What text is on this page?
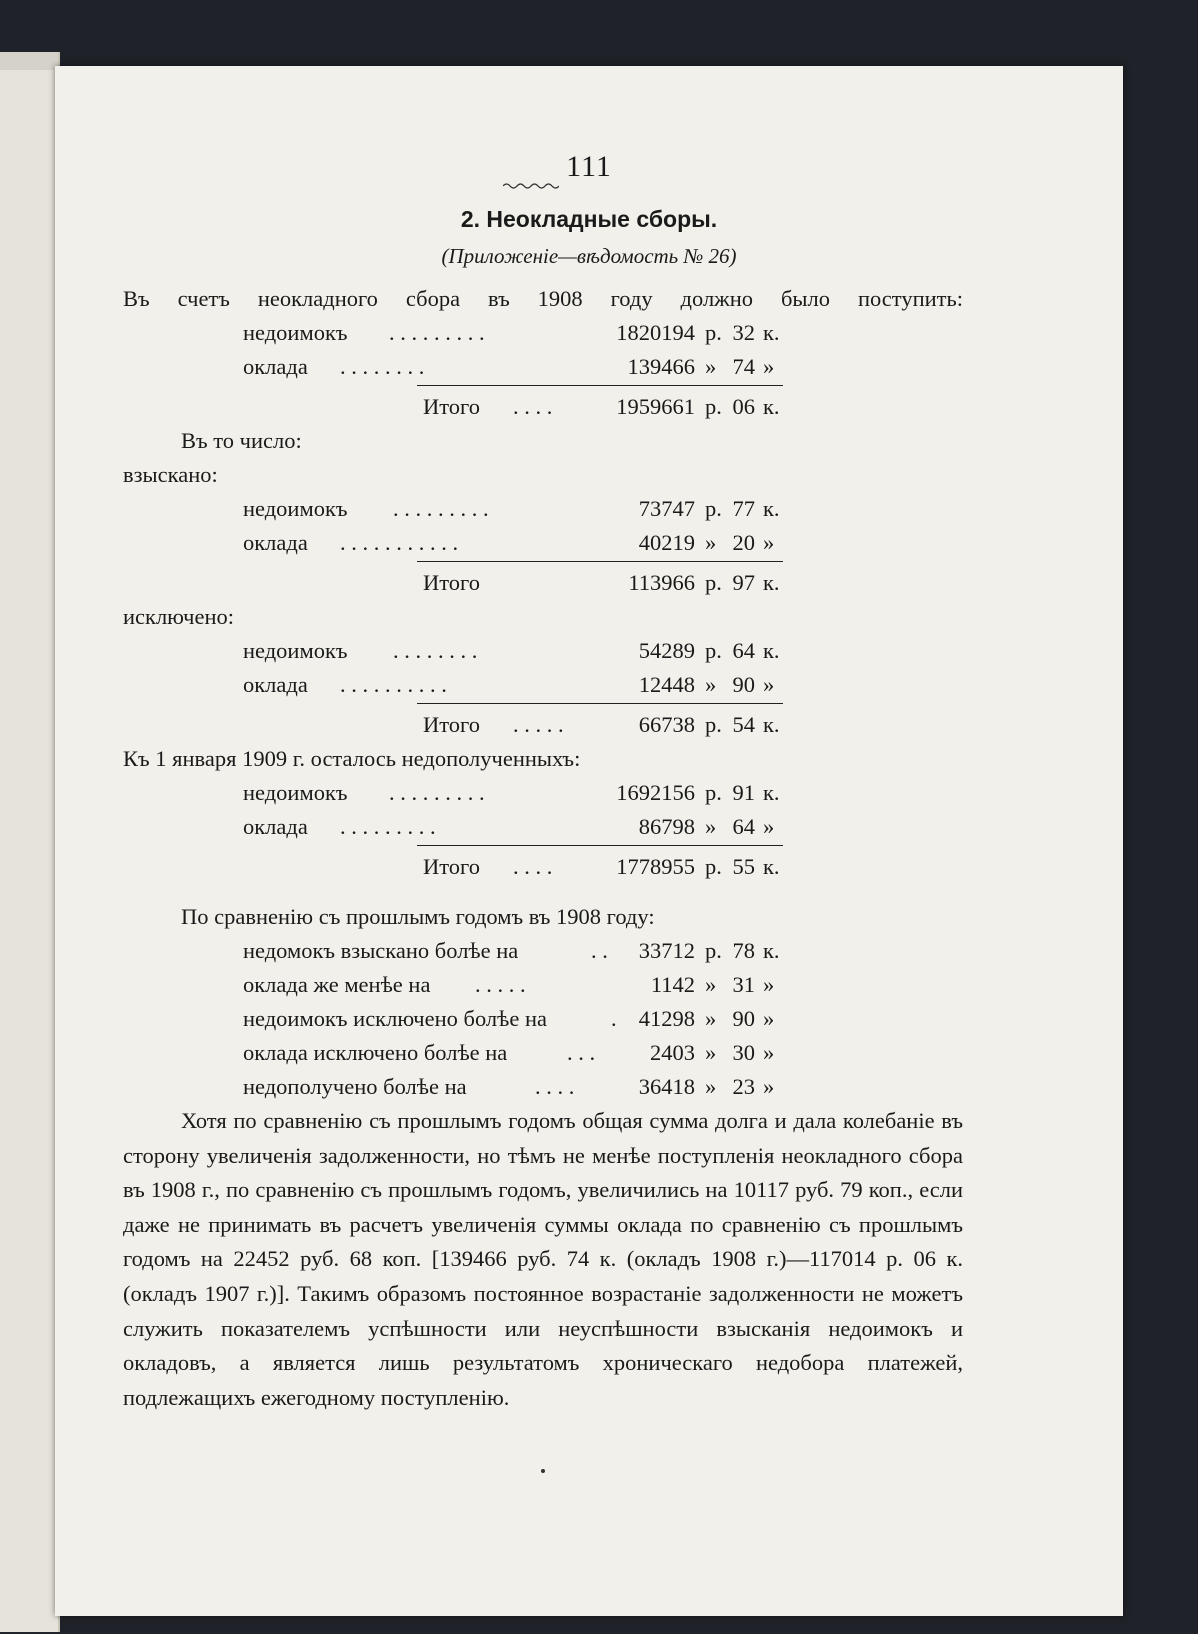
111
2. Неокладные сборы.
(Приложеніе—вѣдомость № 26)
Въ счетъ неокладного сбора въ 1908 году должно было поступить:
недоимокъ . . . . . . . . .	1820194 р. 32 к.
оклада . . . . . . . .	139466 » 74 »
Итого . . . .	1959661 р. 06 к.
Въ то число:
взыскано:
недоимокъ . . . . . . . . .	73747 р. 77 к.
оклада . . . . . . . . . . .	40219 » 20 »
Итого	113966 р. 97 к.
исключено:
недоимокъ . . . . . . . .	54289 р. 64 к.
оклада . . . . . . . . . .	12448 » 90 »
Итого . . . . .	66738 р. 54 к.
Къ 1 января 1909 г. осталось недополученныхъ:
недоимокъ . . . . . . . . .	1692156 р. 91 к.
оклада . . . . . . . . .	86798 » 64 »
Итого . . . .	1778955 р. 55 к.
По сравненію съ прошлымъ годомъ въ 1908 году:
недомокъ взыскано болѣе на	. .	33712 р. 78 к.
оклада же менѣе на . . . . .	1142 » 31 »
недоимокъ исключено болѣе на	. 41298 » 90 »
оклада исключено болѣе на	. . .	2403 » 30 »
недополучено болѣе на	. . . .	36418 » 23 »

Хотя по сравненію съ прошлымъ годомъ общая сумма долга и дала колебаніе въ сторону увеличенія задолженности, но тѣмъ не менѣе поступленія неокладного сбора въ 1908 г., по сравненію съ прошлымъ годомъ, увеличились на 10117 руб. 79 коп., если даже не принимать въ расчетъ увеличенія суммы оклада по сравненію съ прошлымъ годомъ на 22452 руб. 68 коп. [139466 руб. 74 к. (окладъ 1908 г.)—117014 р. 06 к. (окладъ 1907 г.)]. Такимъ образомъ постоянное возрастаніе задолженности не можетъ служить показателемъ успѣшности или неуспѣшности взысканія недоимокъ и окладовъ, а является лишь результатомъ хроническаго недобора платежей, подлежащихъ ежегодному поступленію.
